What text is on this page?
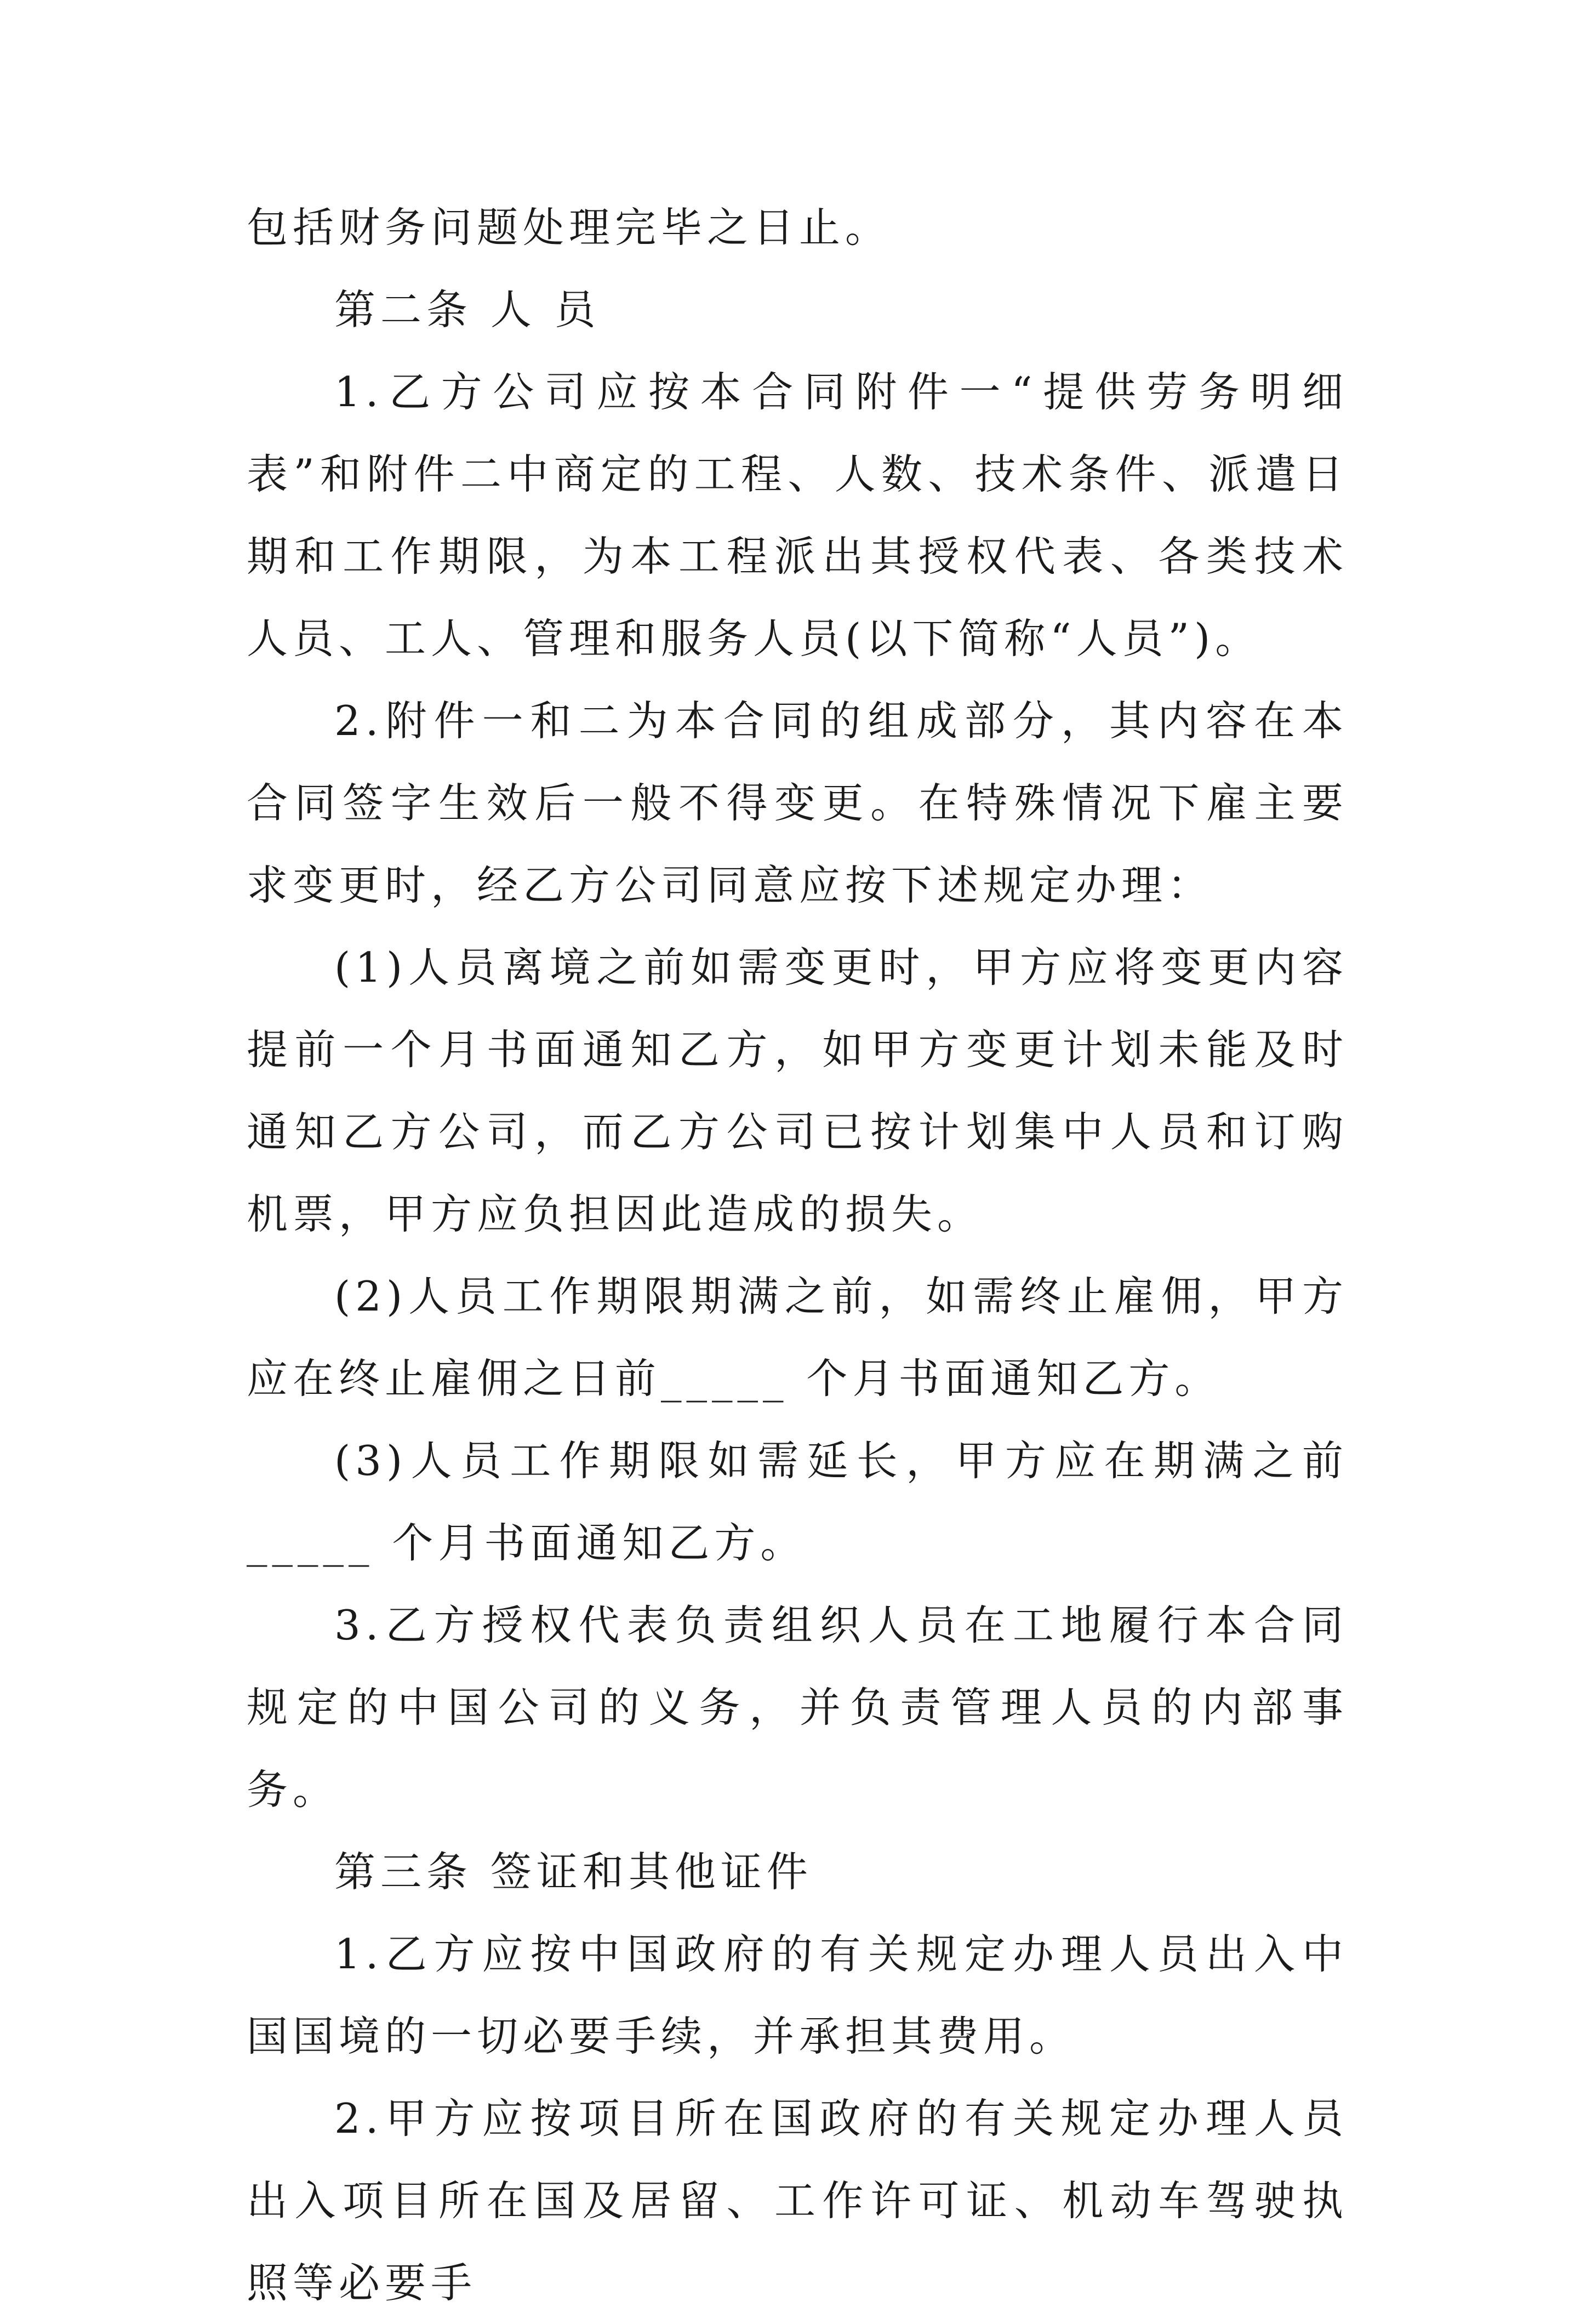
包括财务问题处理完毕之日止。

第二条 人 员

1.乙方公司应按本合同附件一“提供劳务明细表”和附件二中商定的工程、人数、技术条件、派遣日期和工作期限，为本工程派出其授权代表、各类技术人员、工人、管理和服务人员(以下简称“人员”)。

2.附件一和二为本合同的组成部分，其内容在本合同签字生效后一般不得变更。在特殊情况下雇主要求变更时，经乙方公司同意应按下述规定办理：

(1)人员离境之前如需变更时，甲方应将变更内容提前一个月书面通知乙方，如甲方变更计划未能及时通知乙方公司，而乙方公司已按计划集中人员和订购机票，甲方应负担因此造成的损失。

(2)人员工作期限期满之前，如需终止雇佣，甲方应在终止雇佣之日前_____ 个月书面通知乙方。

(3)人员工作期限如需延长，甲方应在期满之前_____ 个月书面通知乙方。

3.乙方授权代表负责组织人员在工地履行本合同规定的中国公司的义务，并负责管理人员的内部事务。

第三条 签证和其他证件

1.乙方应按中国政府的有关规定办理人员出入中国国境的一切必要手续，并承担其费用。

2.甲方应按项目所在国政府的有关规定办理人员出入项目所在国及居留、工作许可证、机动车驾驶执照等必要手
